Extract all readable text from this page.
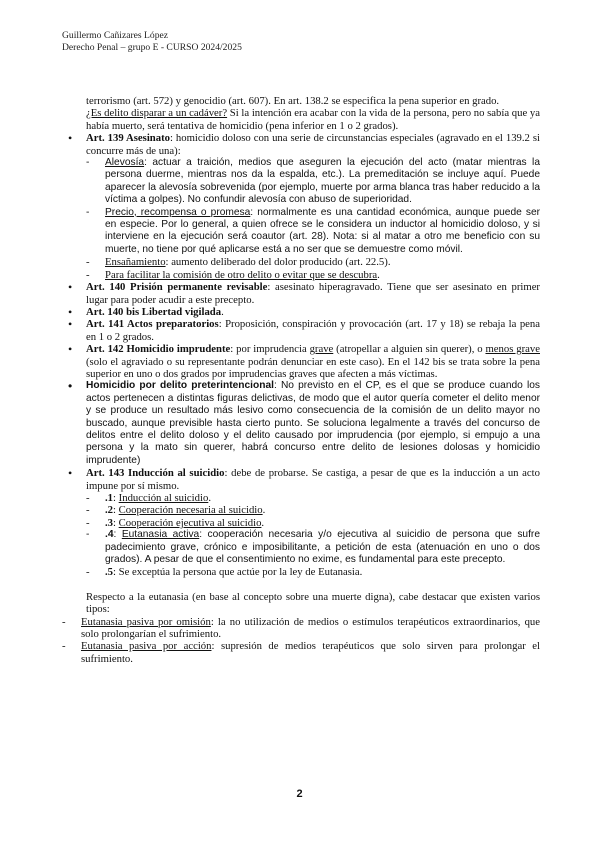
Guillermo Cañizares López
Derecho Penal – grupo E - CURSO 2024/2025

terrorismo (art. 572) y genocidio (art. 607). En art. 138.2 se especifica la pena superior en grado.

¿Es delito disparar a un cadáver? Si la intención era acabar con la vida de la persona, pero no sabía que ya había muerto, será tentativa de homicidio (pena inferior en 1 o 2 grados).

• Art. 139 Asesinato: homicidio doloso con una serie de circunstancias especiales (agravado en el 139.2 si concurre más de una):

- Alevosía: actuar a traición, medios que aseguren la ejecución del acto (matar mientras la persona duerme, mientras nos da la espalda, etc.). La premeditación se incluye aquí. Puede aparecer la alevosía sobrevenida (por ejemplo, muerte por arma blanca tras haber reducido a la víctima a golpes). No confundir alevosía con abuso de superioridad.

- Precio, recompensa o promesa: normalmente es una cantidad económica, aunque puede ser en especie. Por lo general, a quien ofrece se le considera un inductor al homicidio doloso, y si interviene en la ejecución será coautor (art. 28). Nota: si al matar a otro me beneficio con su muerte, no tiene por qué aplicarse está a no ser que se demuestre como móvil.

- Ensañamiento: aumento deliberado del dolor producido (art. 22.5).

- Para facilitar la comisión de otro delito o evitar que se descubra.

• Art. 140 Prisión permanente revisable: asesinato hiperagravado. Tiene que ser asesinato en primer lugar para poder acudir a este precepto.

• Art. 140 bis Libertad vigilada.

• Art. 141 Actos preparatorios: Proposición, conspiración y provocación (art. 17 y 18) se rebaja la pena en 1 o 2 grados.

• Art. 142 Homicidio imprudente: por imprudencia grave (atropellar a alguien sin querer), o menos grave (solo el agraviado o su representante podrán denunciar en este caso). En el 142 bis se trata sobre la pena superior en uno o dos grados por imprudencias graves que afecten a más víctimas.

• Homicidio por delito preterintencional: No previsto en el CP, es el que se produce cuando los actos pertenecen a distintas figuras delictivas, de modo que el autor quería cometer el delito menor y se produce un resultado más lesivo como consecuencia de la comisión de un delito mayor no buscado, aunque previsible hasta cierto punto. Se soluciona legalmente a través del concurso de delitos entre el delito doloso y el delito causado por imprudencia (por ejemplo, si empujo a una persona y la mato sin querer, habrá concurso entre delito de lesiones dolosas y homicidio imprudente)

• Art. 143 Inducción al suicidio: debe de probarse. Se castiga, a pesar de que es la inducción a un acto impune por sí mismo.

- .1: Inducción al suicidio.

- .2: Cooperación necesaria al suicidio.

- .3: Cooperación ejecutiva al suicidio.

- .4: Eutanasia activa: cooperación necesaria y/o ejecutiva al suicidio de persona que sufre padecimiento grave, crónico e imposibilitante, a petición de esta (atenuación en uno o dos grados). A pesar de que el consentimiento no exime, es fundamental para este precepto.

- .5: Se exceptúa la persona que actúe por la ley de Eutanasia.

Respecto a la eutanasia (en base al concepto sobre una muerte digna), cabe destacar que existen varios tipos:

- Eutanasia pasiva por omisión: la no utilización de medios o estímulos terapéuticos extraordinarios, que solo prolongarían el sufrimiento.

- Eutanasia pasiva por acción: supresión de medios terapéuticos que solo sirven para prolongar el sufrimiento.

2
